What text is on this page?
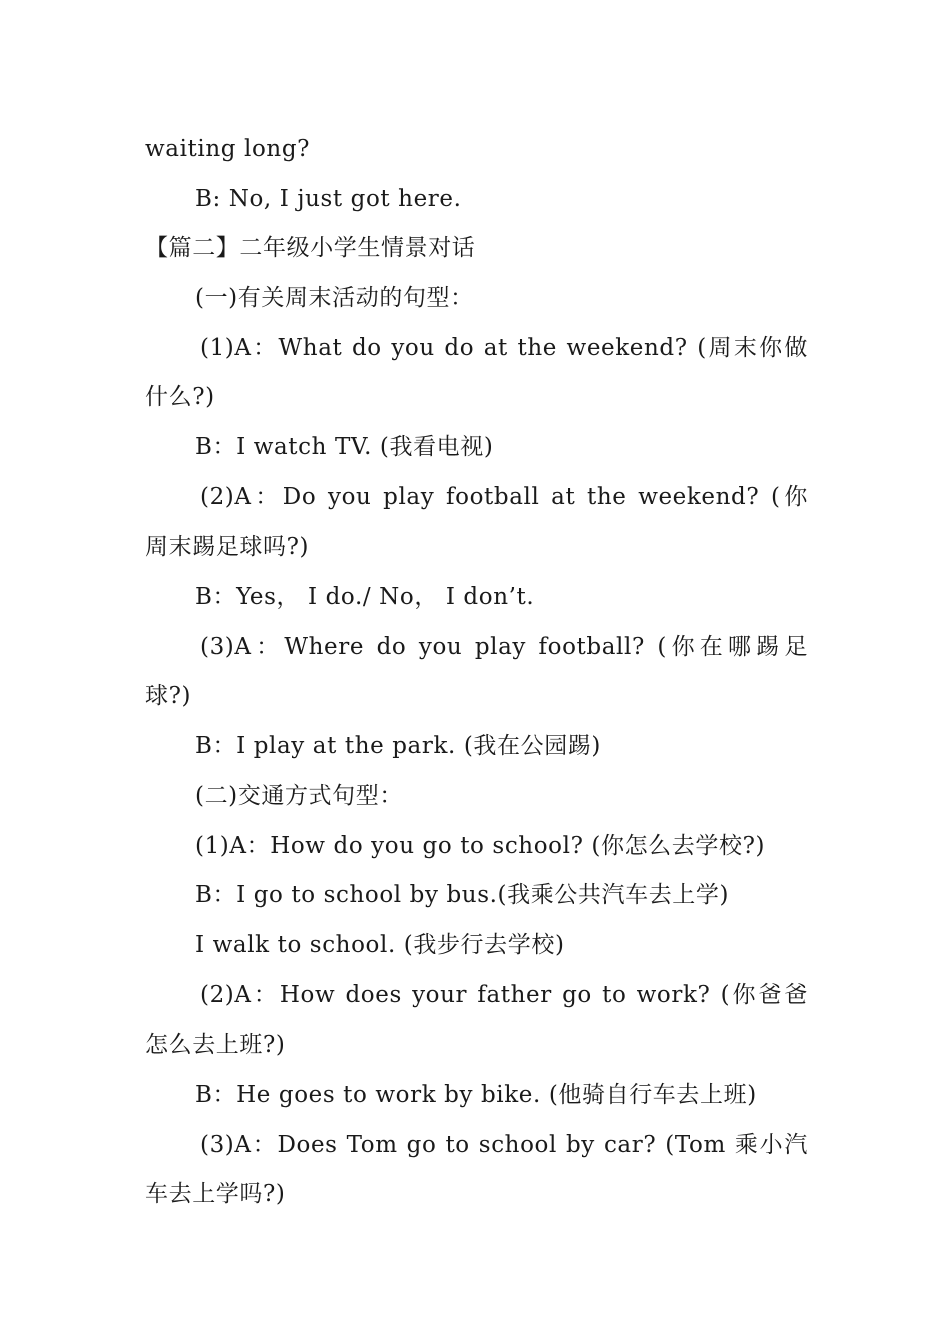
waiting long?
B: No, I just got here.
【篇二】二年级小学生情景对话
(一)有关周末活动的句型：
(1)A：What do you do at the weekend? (周末你做
什么?)
B：I watch TV. (我看电视)
(2)A：Do you play football at the weekend? (你
周末踢足球吗?)
B：Yes， I do./ No， I don’t.
(3)A：Where do you play football? (你在哪踢足
球?)
B：I play at the park. (我在公园踢)
(二)交通方式句型：
(1)A：How do you go to school? (你怎么去学校?)
B：I go to school by bus.(我乘公共汽车去上学)
I walk to school. (我步行去学校)
(2)A：How does your father go to work? (你爸爸
怎么去上班?)
B：He goes to work by bike. (他骑自行车去上班)
(3)A：Does Tom go to school by car? (Tom 乘小汽
车去上学吗?)
